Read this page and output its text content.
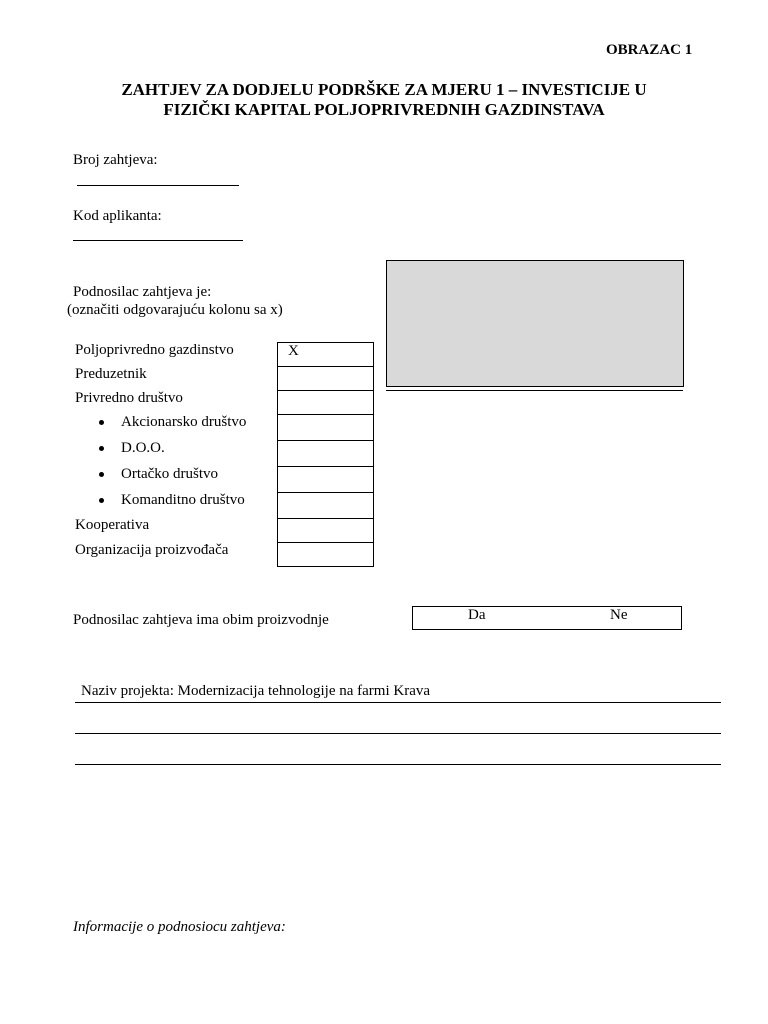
OBRAZAC 1
ZAHTJEV ZA DODJELU PODRŠKE ZA MJERU 1 – INVESTICIJE U
FIZIČKI KAPITAL POLJOPRIVREDNIH GAZDINSTAVA
Broj zahtjeva:
Kod aplikanta:
Podnosilac zahtjeva je:
(označiti odgovarajuću kolonu sa x)
Poljoprivredno gazdinstvo
Preduzetnik
Privredno društvo
Akcionarsko društvo
D.O.O.
Ortačko društvo
Komanditno društvo
Kooperativa
Organizacija proizvođača
X
Podnosilac zahtjeva ima obim proizvodnje	Da	Ne
Naziv projekta: Modernizacija tehnologije na farmi Krava
Informacije o podnosiocu zahtjeva:
